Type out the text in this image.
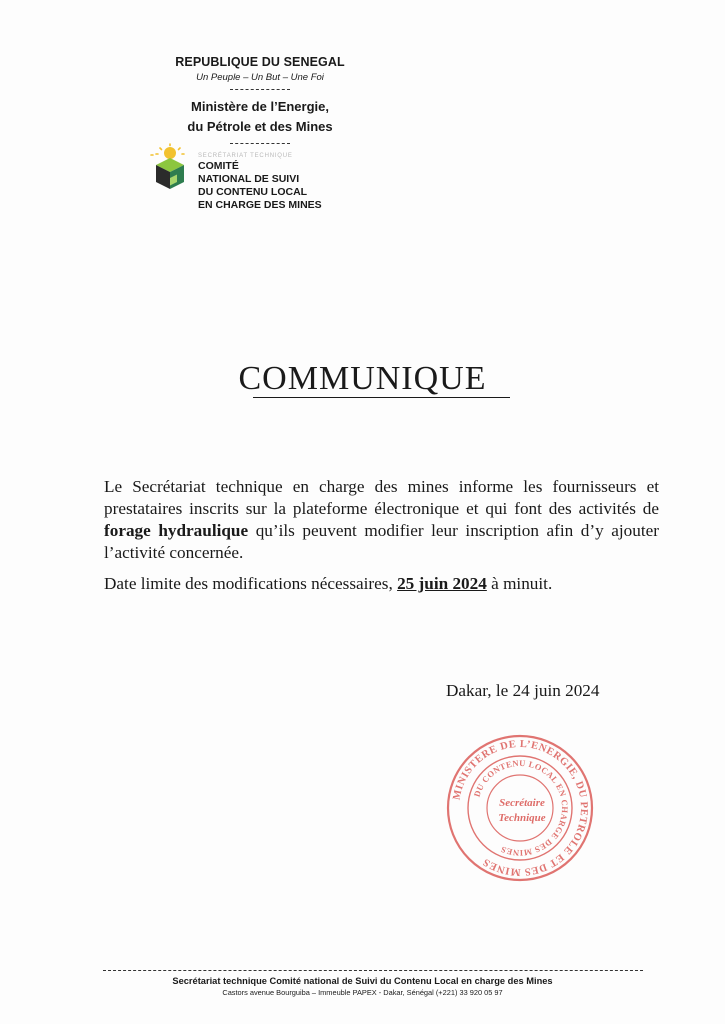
REPUBLIQUE DU SENEGAL
Un Peuple – Un But – Une Foi
Ministère de l’Energie,
du Pétrole et des Mines
SECRÉTARIAT TECHNIQUE
COMITÉ
NATIONAL DE SUIVI
DU CONTENU LOCAL
EN CHARGE DES MINES
COMMUNIQUE

Le Secrétariat technique en charge des mines informe les fournisseurs et prestataires inscrits sur la plateforme électronique et qui font des activités de forage hydraulique qu’ils peuvent modifier leur inscription afin d’y ajouter l’activité concernée.

Date limite des modifications nécessaires, 25 juin 2024 à minuit.

Dakar, le 24 juin 2024
MINISTERE DE L’ENERGIE, DU PETROLE ET DES MINES
DU CONTENU LOCAL EN CHARGE DES MINES
Secrétaire
Technique
Secrétariat technique Comité national de Suivi du Contenu Local en charge des Mines
Castors avenue Bourguiba – Immeuble PAPEX - Dakar, Sénégal (+221) 33 920 05 97
